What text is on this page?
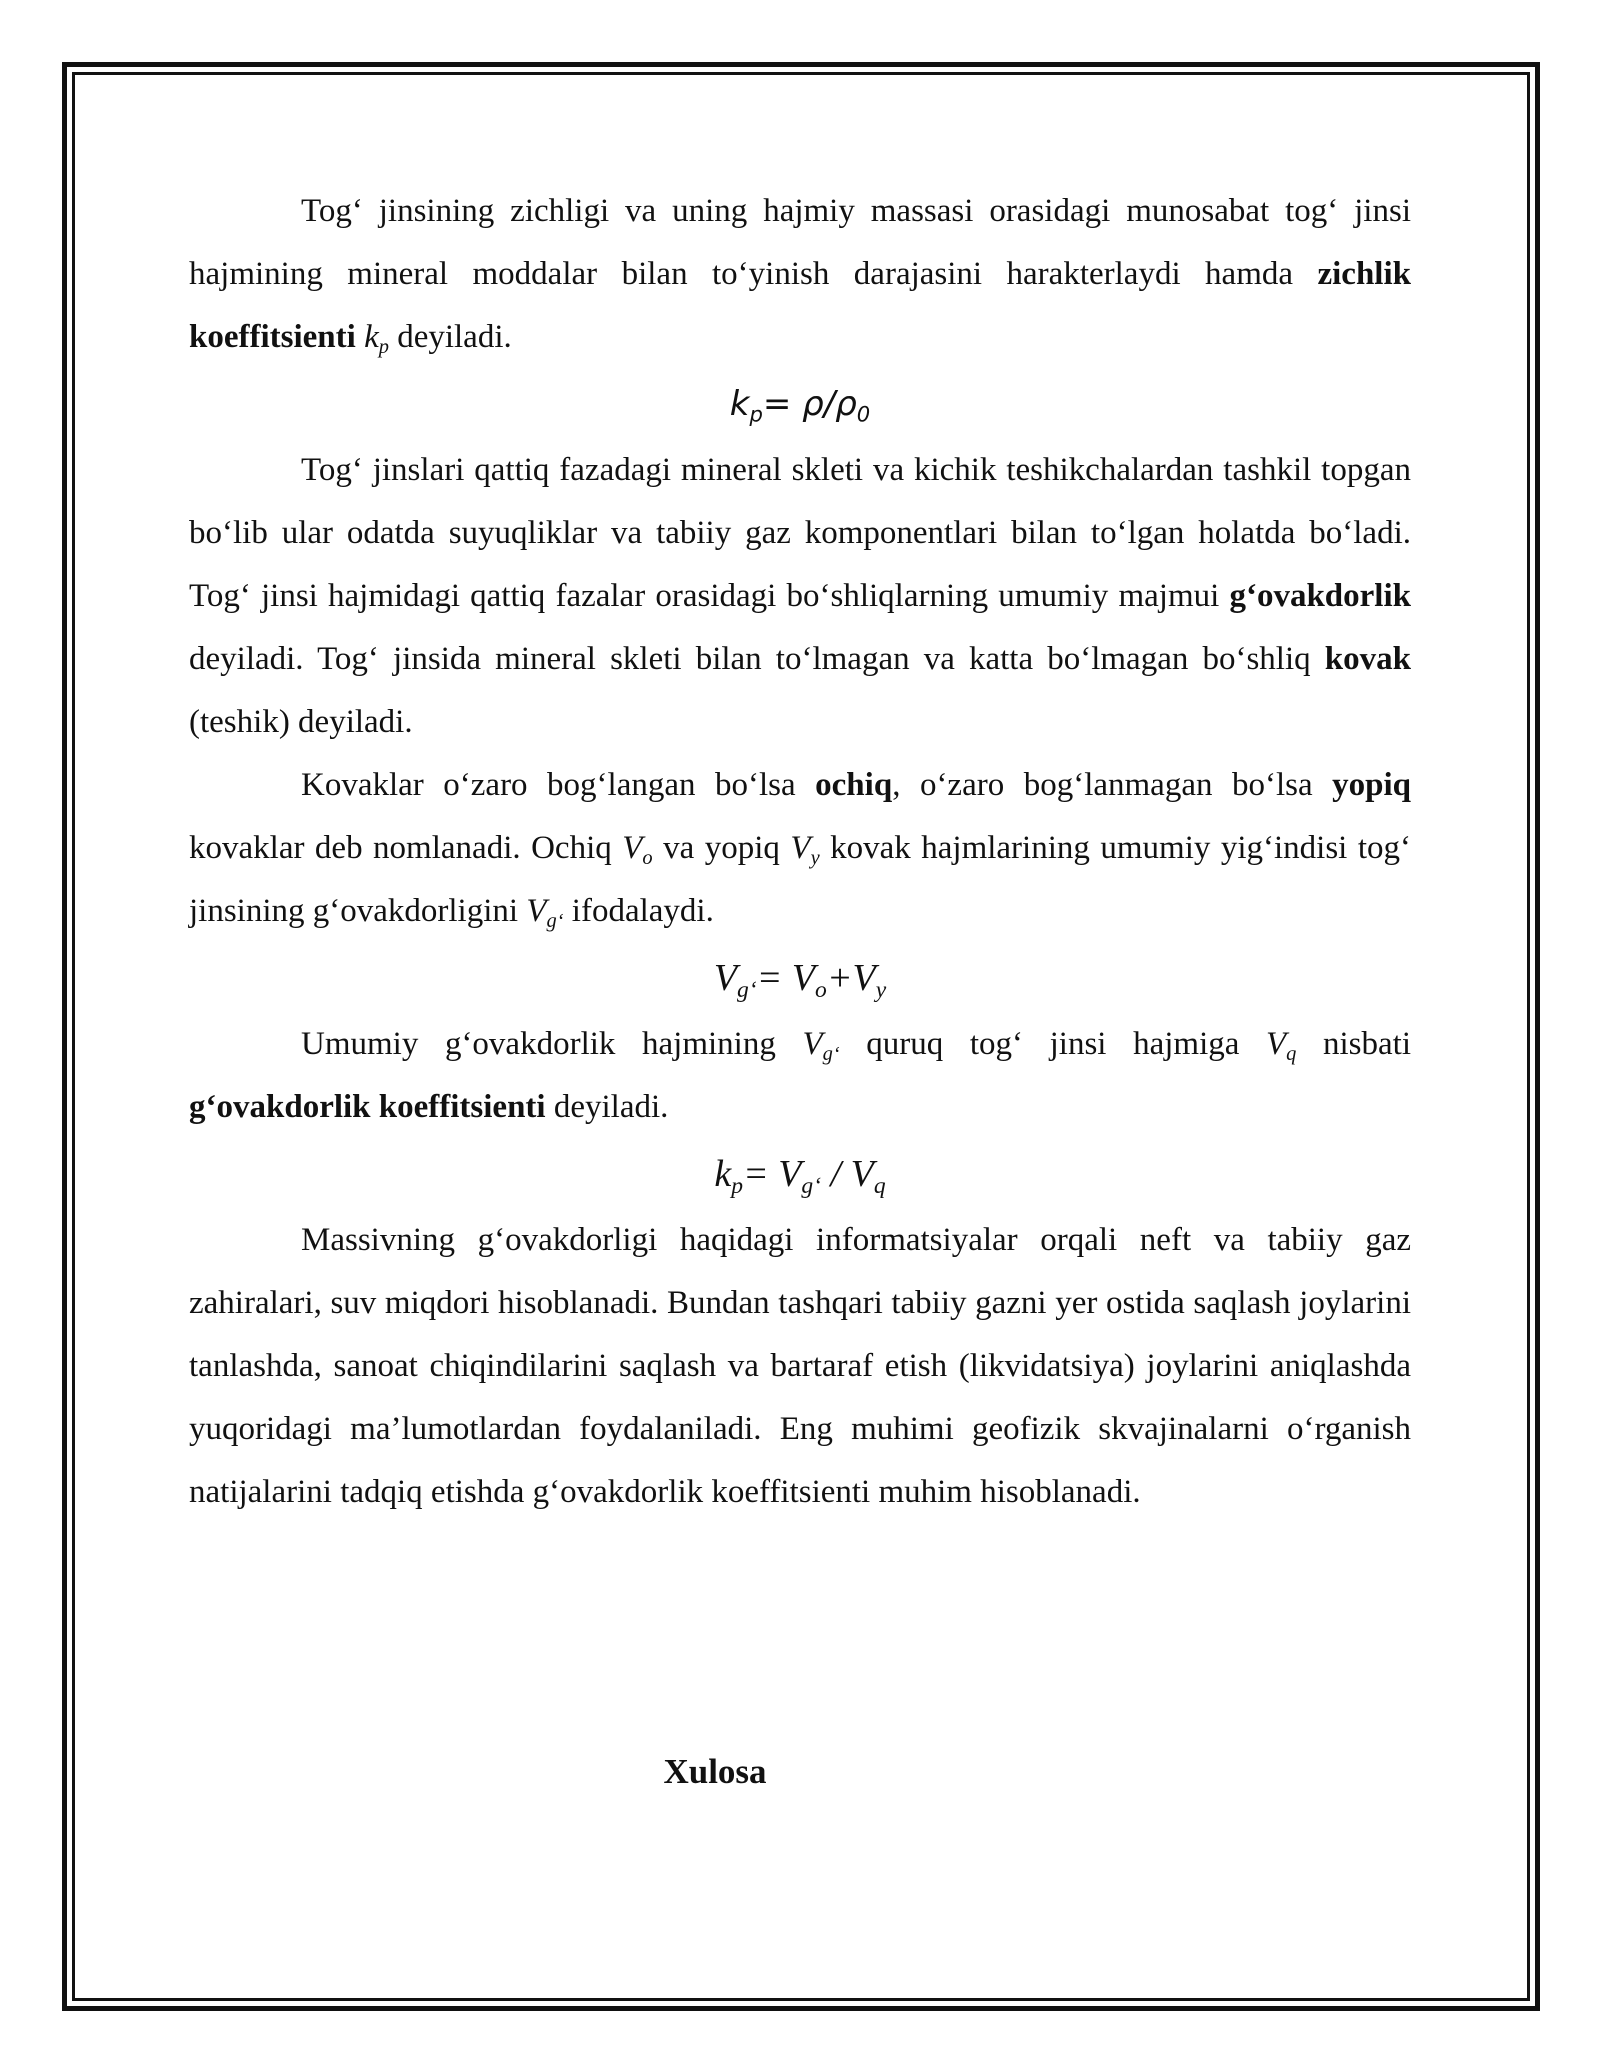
Tog‘ jinsining zichligi va uning hajmiy massasi orasidagi munosabat tog‘ jinsi hajmining mineral moddalar bilan to‘yinish darajasini harakterlaydi hamda zichlik koeffitsienti $k_p$ deyiladi.

$k_p= \rho/\rho_0$

Tog‘ jinslari qattiq fazadagi mineral skleti va kichik teshikchalardan tashkil topgan bo‘lib ular odatda suyuqliklar va tabiiy gaz komponentlari bilan to‘lgan holatda bo‘ladi. Tog‘ jinsi hajmidagi qattiq fazalar orasidagi bo‘shliqlarning umumiy majmui g‘ovakdorlik deyiladi. Tog‘ jinsida mineral skleti bilan to‘lmagan va katta bo‘lmagan bo‘shliq kovak (teshik) deyiladi.

Kovaklar o‘zaro bog‘langan bo‘lsa ochiq, o‘zaro bog‘lanmagan bo‘lsa yopiq kovaklar deb nomlanadi. Ochiq $V_o$ va yopiq $V_y$ kovak hajmlarining umumiy yig‘indisi tog‘ jinsining g‘ovakdorligini $V_{g‘}$ ifodalaydi.

$V_{g‘}= V_o+V_y$

Umumiy g‘ovakdorlik hajmining $V_{g‘}$ quruq tog‘ jinsi hajmiga $V_q$ nisbati g‘ovakdorlik koeffitsienti deyiladi.

$k_p= V_{g‘} / V_q$

Massivning g‘ovakdorligi haqidagi informatsiyalar orqali neft va tabiiy gaz zahiralari, suv miqdori hisoblanadi. Bundan tashqari tabiiy gazni yer ostida saqlash joylarini tanlashda, sanoat chiqindilarini saqlash va bartaraf etish (likvidatsiya) joylarini aniqlashda yuqoridagi ma’lumotlardan foydalaniladi. Eng muhimi geofizik skvajinalarni o‘rganish natijalarini tadqiq etishda g‘ovakdorlik koeffitsienti muhim hisoblanadi.

Xulosa
